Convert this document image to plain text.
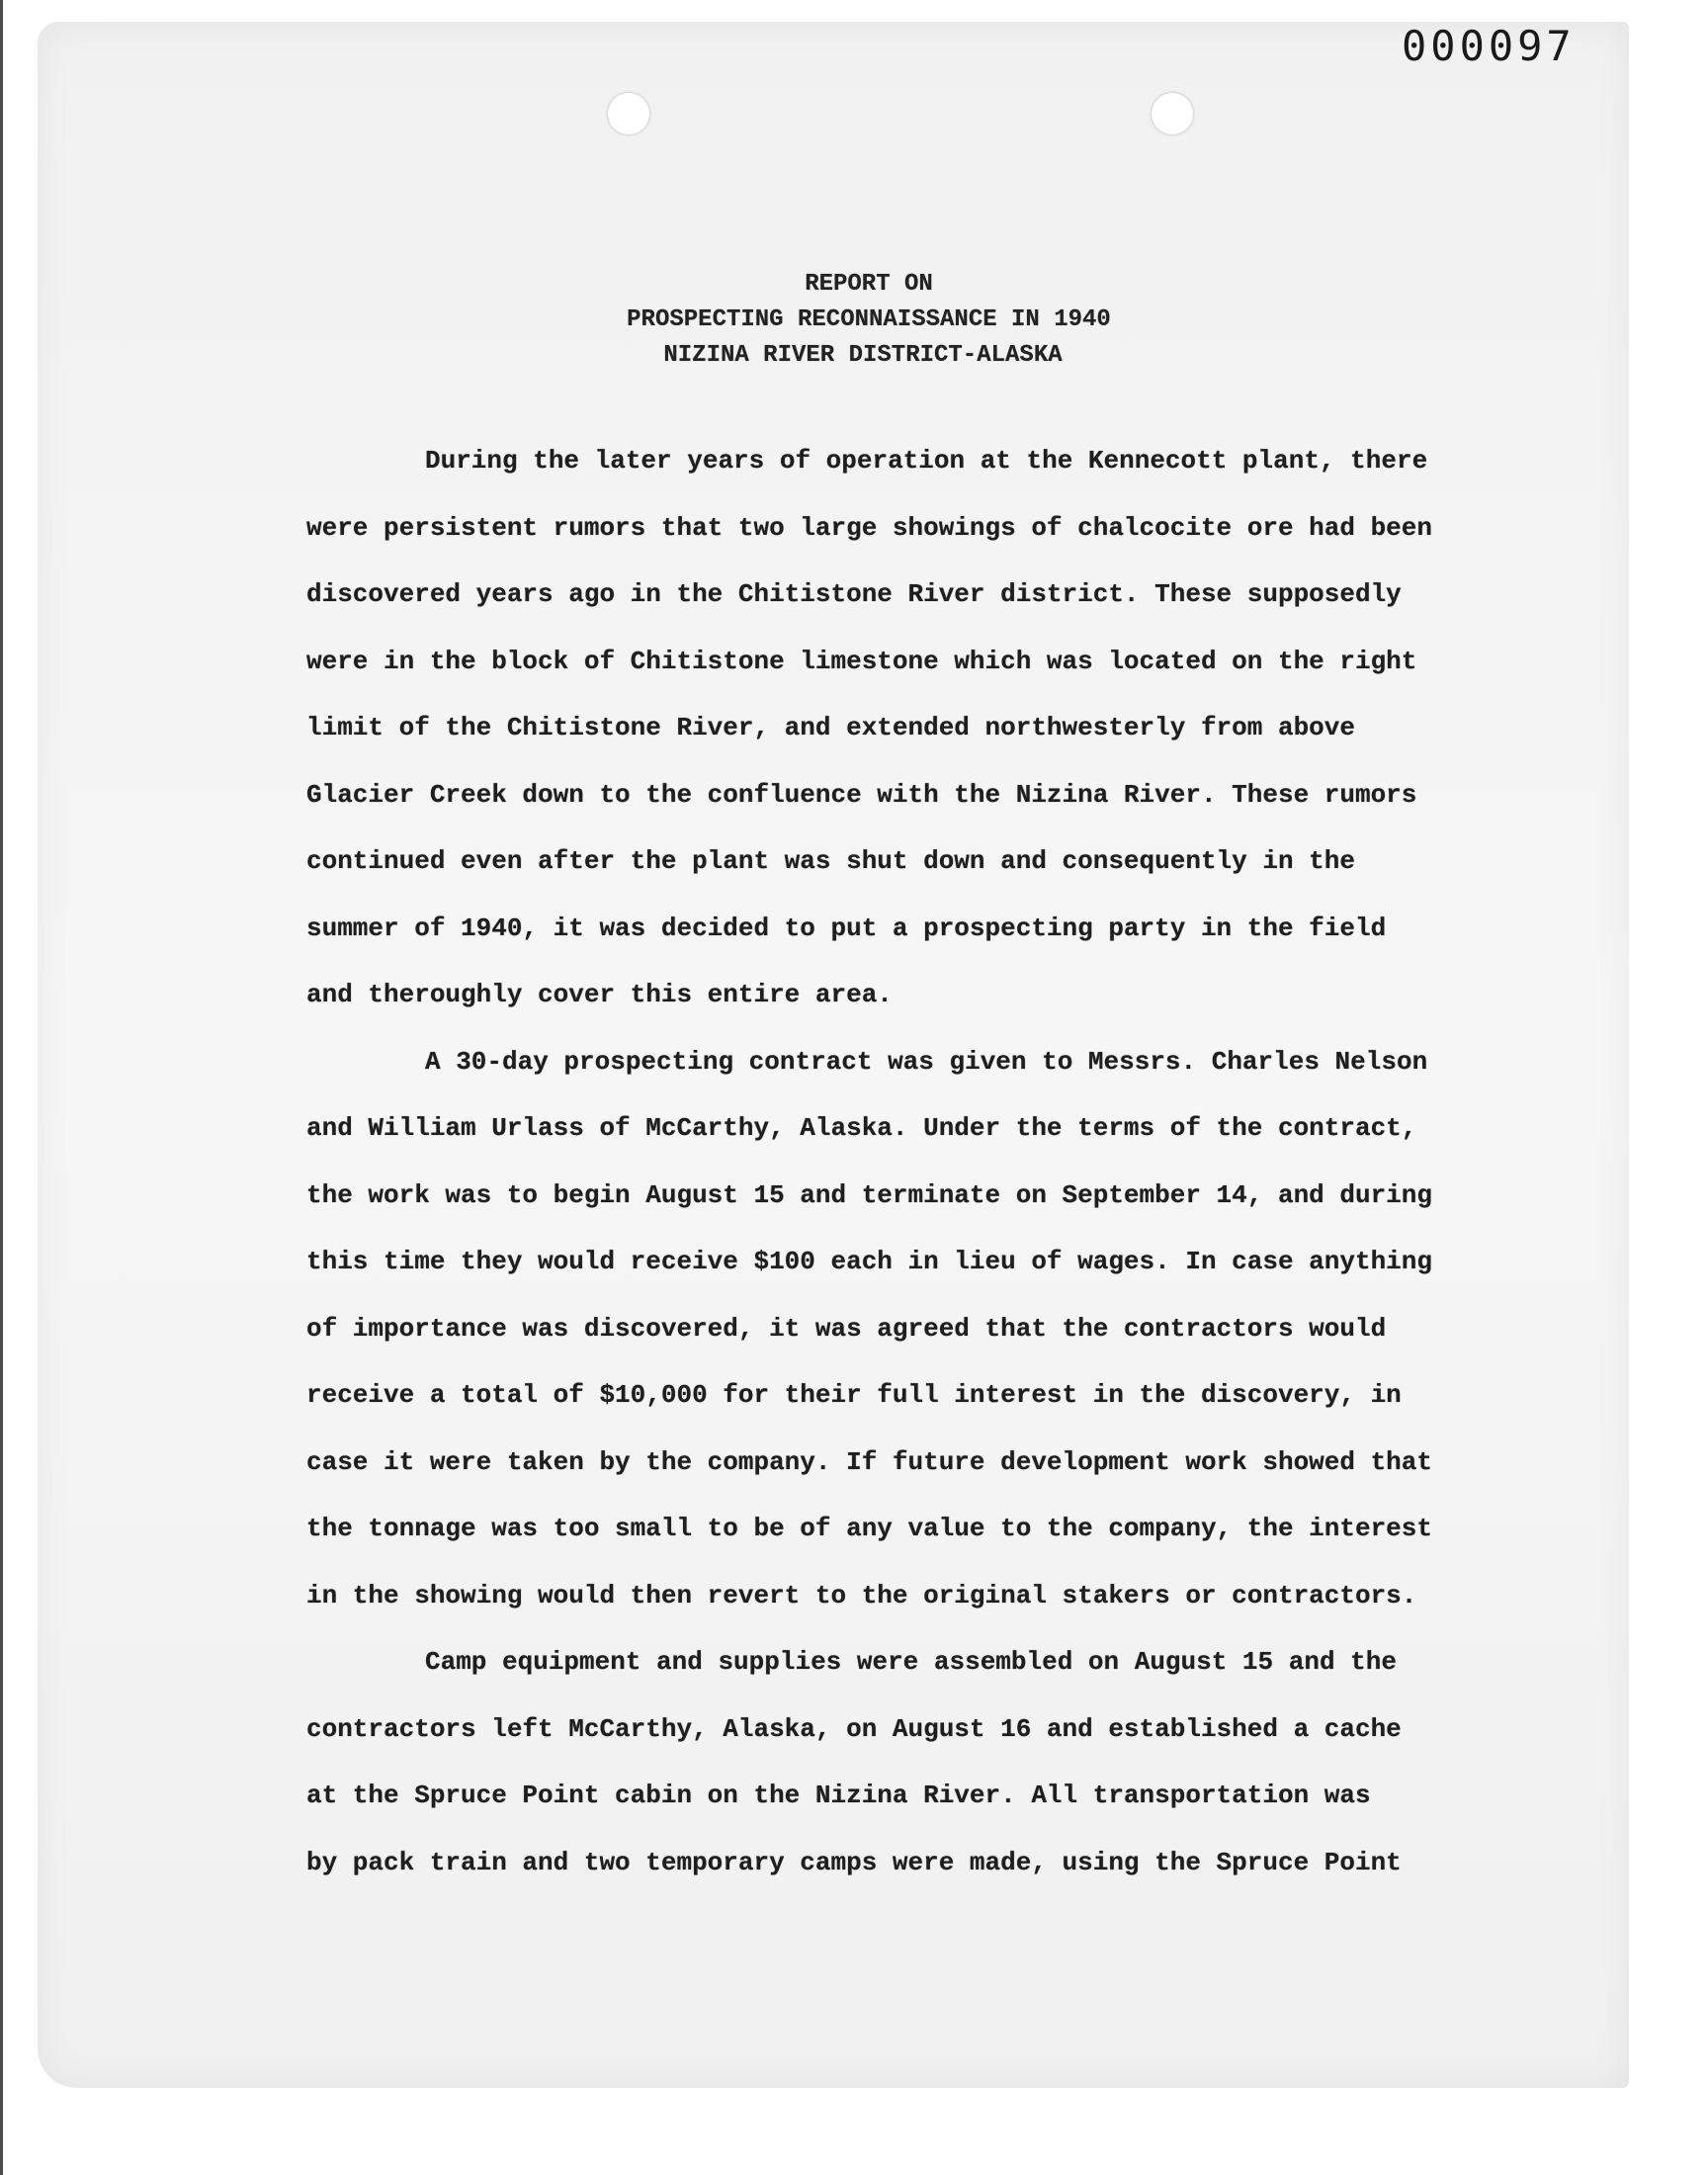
000097
REPORT ON
PROSPECTING RECONNAISSANCE IN 1940
NIZINA RIVER DISTRICT-ALASKA
During the later years of operation at the Kennecott plant, there
were persistent rumors that two large showings of chalcocite ore had been
discovered years ago in the Chitistone River district. These supposedly
were in the block of Chitistone limestone which was located on the right
limit of the Chitistone River, and extended northwesterly from above
Glacier Creek down to the confluence with the Nizina River. These rumors
continued even after the plant was shut down and consequently in the
summer of 1940, it was decided to put a prospecting party in the field
and theroughly cover this entire area.
A 30-day prospecting contract was given to Messrs. Charles Nelson
and William Urlass of McCarthy, Alaska. Under the terms of the contract,
the work was to begin August 15 and terminate on September 14, and during
this time they would receive $100 each in lieu of wages. In case anything
of importance was discovered, it was agreed that the contractors would
receive a total of $10,000 for their full interest in the discovery, in
case it were taken by the company. If future development work showed that
the tonnage was too small to be of any value to the company, the interest
in the showing would then revert to the original stakers or contractors.
Camp equipment and supplies were assembled on August 15 and the
contractors left McCarthy, Alaska, on August 16 and established a cache
at the Spruce Point cabin on the Nizina River. All transportation was
by pack train and two temporary camps were made, using the Spruce Point
